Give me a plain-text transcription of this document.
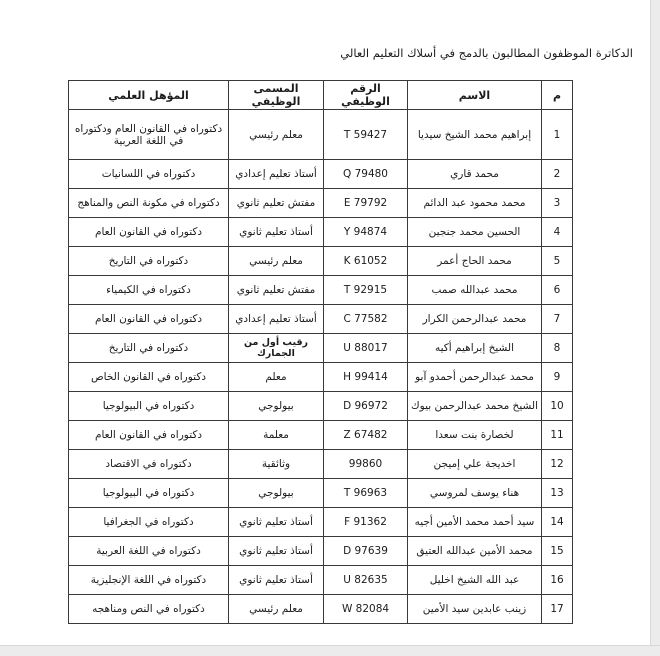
الدكاترة الموظفون المطالبون بالدمج في أسلاك التعليم العالي
م	الاسم	الرقم الوظيفي	المسمى الوظيفي	المؤهل العلمي
1	إبراهيم محمد الشيخ سيديا	T 59427	معلم رئيسي	دكتوراه في القانون العام ودكتوراه في اللغة العربية
2	محمد قاري	Q 79480	أستاذ تعليم إعدادي	دكتوراه في اللسانيات
3	محمد محمود عبد الدائم	E 79792	مفتش تعليم ثانوي	دكتوراه في مكونة النص والمناهج
4	الحسين محمد جنجين	Y 94874	أستاذ تعليم ثانوي	دكتوراه في القانون العام
5	محمد الحاج أعمر	K 61052	معلم رئيسي	دكتوراه في التاريخ
6	محمد عبدالله صمب	T 92915	مفتش تعليم ثانوي	دكتوراه في الكيمياء
7	محمد عبدالرحمن الكرار	C 77582	أستاذ تعليم إعدادي	دكتوراه في القانون العام
8	الشيخ إبراهيم أكيه	U 88017	رقيب أول من الجمارك	دكتوراه في التاريخ
9	محمد عبدالرحمن أحمدو آبو	H 99414	معلم	دكتوراه في القانون الخاص
10	الشيخ محمد عبدالرحمن بيوك	D 96972	بيولوجي	دكتوراه في البيولوجيا
11	لخصارة بنت سعدا	Z 67482	معلمة	دكتوراه في القانون العام
12	اخديجة علي إميجن	99860	وثائقية	دكتوراه في الاقتصاد
13	هناء يوسف لمروسي	T 96963	بيولوجي	دكتوراه في البيولوجيا
14	سيد أحمد محمد الأمين أجيه	F 91362	أستاذ تعليم ثانوي	دكتوراه في الجغرافيا
15	محمد الأمين عبدالله العتيق	D 97639	أستاذ تعليم ثانوي	دكتوراه في اللغة العربية
16	عبد الله الشيخ اخليل	U 82635	أستاذ تعليم ثانوي	دكتوراه في اللغة الإنجليزية
17	زينب عابدين سيد الأمين	W 82084	معلم رئيسي	دكتوراه في النص ومناهجه
